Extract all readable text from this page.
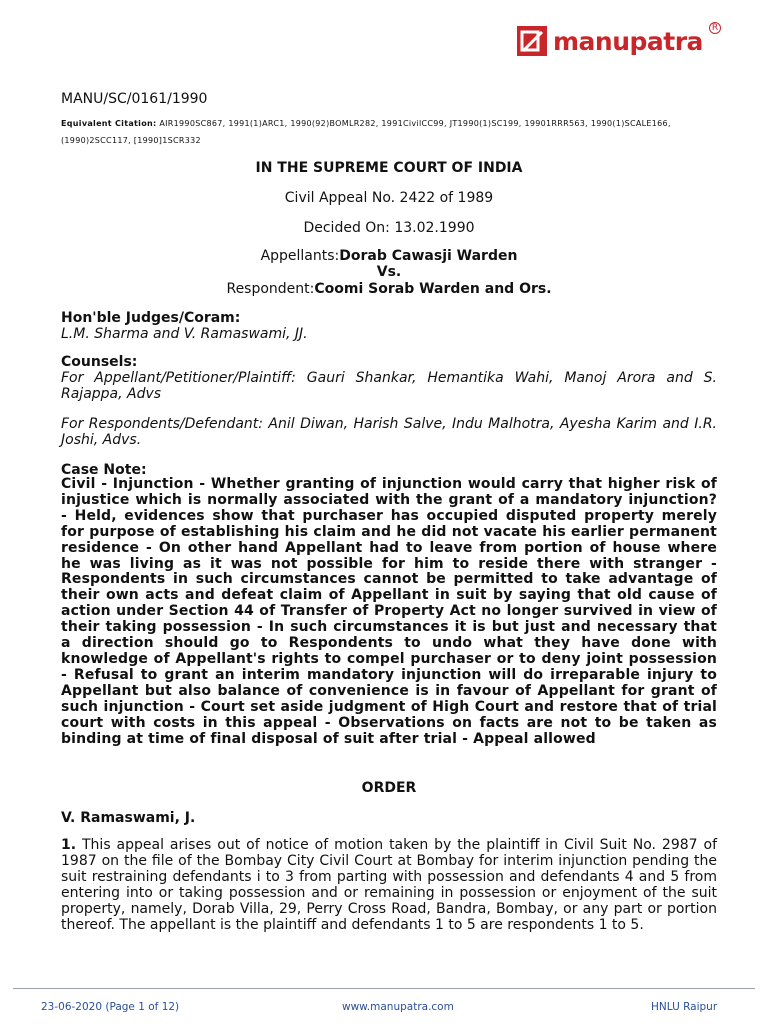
manupatra R
MANU/SC/0161/1990
Equivalent Citation: AIR1990SC867, 1991(1)ARC1, 1990(92)BOMLR282, 1991CivilCC99, JT1990(1)SC199, 19901RRR563, 1990(1)SCALE166, (1990)2SCC117, [1990]1SCR332
IN THE SUPREME COURT OF INDIA
Civil Appeal No. 2422 of 1989
Decided On: 13.02.1990
Appellants:Dorab Cawasji Warden
Vs.
Respondent:Coomi Sorab Warden and Ors.
Hon'ble Judges/Coram:
L.M. Sharma and V. Ramaswami, JJ.
Counsels:
For Appellant/Petitioner/Plaintiff: Gauri Shankar, Hemantika Wahi, Manoj Arora and S. Rajappa, Advs
For Respondents/Defendant: Anil Diwan, Harish Salve, Indu Malhotra, Ayesha Karim and I.R. Joshi, Advs.
Case Note:
Civil - Injunction - Whether granting of injunction would carry that higher risk of injustice which is normally associated with the grant of a mandatory injunction? - Held, evidences show that purchaser has occupied disputed property merely for purpose of establishing his claim and he did not vacate his earlier permanent residence - On other hand Appellant had to leave from portion of house where he was living as it was not possible for him to reside there with stranger - Respondents in such circumstances cannot be permitted to take advantage of their own acts and defeat claim of Appellant in suit by saying that old cause of action under Section 44 of Transfer of Property Act no longer survived in view of their taking possession - In such circumstances it is but just and necessary that a direction should go to Respondents to undo what they have done with knowledge of Appellant's rights to compel purchaser or to deny joint possession - Refusal to grant an interim mandatory injunction will do irreparable injury to Appellant but also balance of convenience is in favour of Appellant for grant of such injunction - Court set aside judgment of High Court and restore that of trial court with costs in this appeal - Observations on facts are not to be taken as binding at time of final disposal of suit after trial - Appeal allowed
ORDER
V. Ramaswami, J.
1. This appeal arises out of notice of motion taken by the plaintiff in Civil Suit No. 2987 of 1987 on the file of the Bombay City Civil Court at Bombay for interim injunction pending the suit restraining defendants i to 3 from parting with possession and defendants 4 and 5 from entering into or taking possession and or remaining in possession or enjoyment of the suit property, namely, Dorab Villa, 29, Perry Cross Road, Bandra, Bombay, or any part or portion thereof. The appellant is the plaintiff and defendants 1 to 5 are respondents 1 to 5.
23-06-2020 (Page 1 of 12)	www.manupatra.com	HNLU Raipur
